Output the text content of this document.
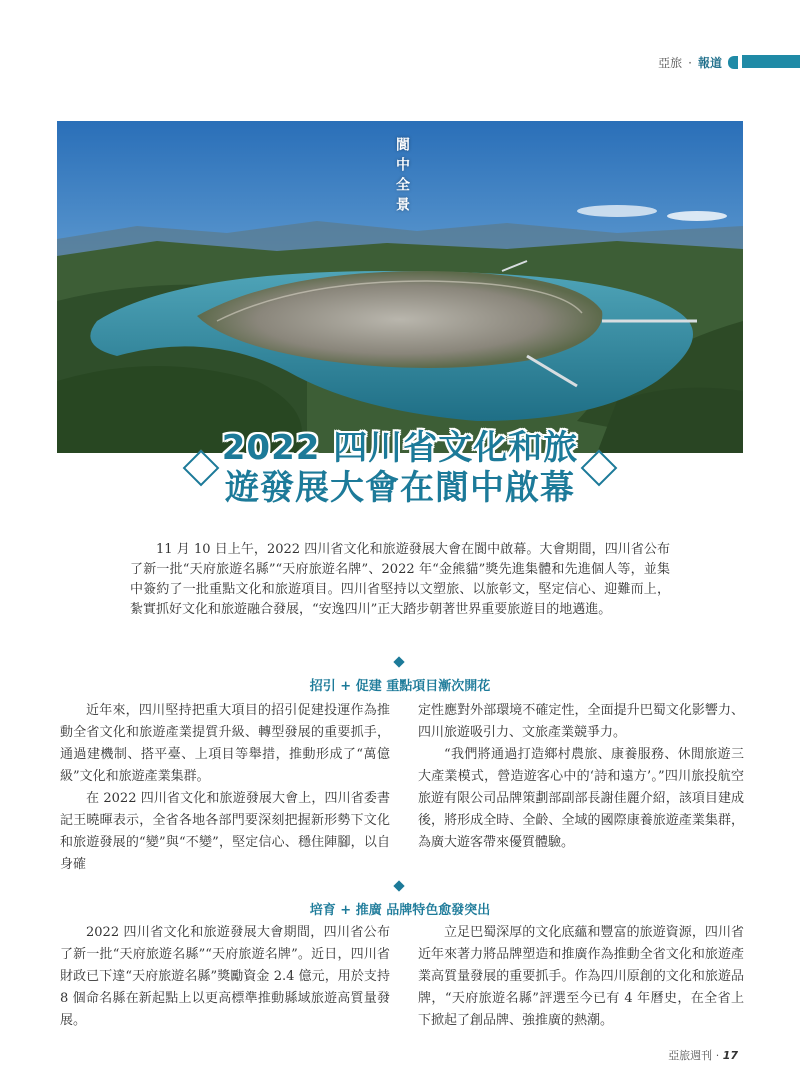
亞旅 · 報道
閬中全景
2022 四川省文化和旅
遊發展大會在閬中啟幕
11 月 10 日上午，2022 四川省文化和旅遊發展大會在閬中啟幕。大會期間，四川省公布了新一批“天府旅遊名縣”“天府旅遊名牌”、2022 年“金熊貓”獎先進集體和先進個人等，並集中簽約了一批重點文化和旅遊項目。四川省堅持以文塑旅、以旅彰文，堅定信心、迎難而上，紮實抓好文化和旅遊融合發展，“安逸四川”正大踏步朝著世界重要旅遊目的地邁進。
招引 + 促建 重點項目漸次開花

近年來，四川堅持把重大項目的招引促建投運作為推動全省文化和旅遊產業提質升級、轉型發展的重要抓手，通過建機制、搭平臺、上項目等舉措，推動形成了“萬億級”文化和旅遊產業集群。

在 2022 四川省文化和旅遊發展大會上，四川省委書記王曉暉表示，全省各地各部門要深刻把握新形勢下文化和旅遊發展的“變”與“不變”，堅定信心、穩住陣腳，以自身確

定性應對外部環境不確定性，全面提升巴蜀文化影響力、四川旅遊吸引力、文旅產業競爭力。

“我們將通過打造鄉村農旅、康養服務、休閒旅遊三大產業模式，營造遊客心中的‘詩和遠方’。”四川旅投航空旅遊有限公司品牌策劃部副部長謝佳麗介紹，該項目建成後，將形成全時、全齡、全域的國際康養旅遊產業集群，為廣大遊客帶來優質體驗。

培育 + 推廣 品牌特色愈發突出

2022 四川省文化和旅遊發展大會期間，四川省公布了新一批“天府旅遊名縣”“天府旅遊名牌”。近日，四川省財政已下達“天府旅遊名縣”獎勵資金 2.4 億元，用於支持 8 個命名縣在新起點上以更高標準推動縣域旅遊高質量發展。

立足巴蜀深厚的文化底蘊和豐富的旅遊資源，四川省近年來著力將品牌塑造和推廣作為推動全省文化和旅遊產業高質量發展的重要抓手。作為四川原創的文化和旅遊品牌，“天府旅遊名縣”評選至今已有 4 年曆史，在全省上下掀起了創品牌、強推廣的熱潮。

亞旅週刊 · 17
